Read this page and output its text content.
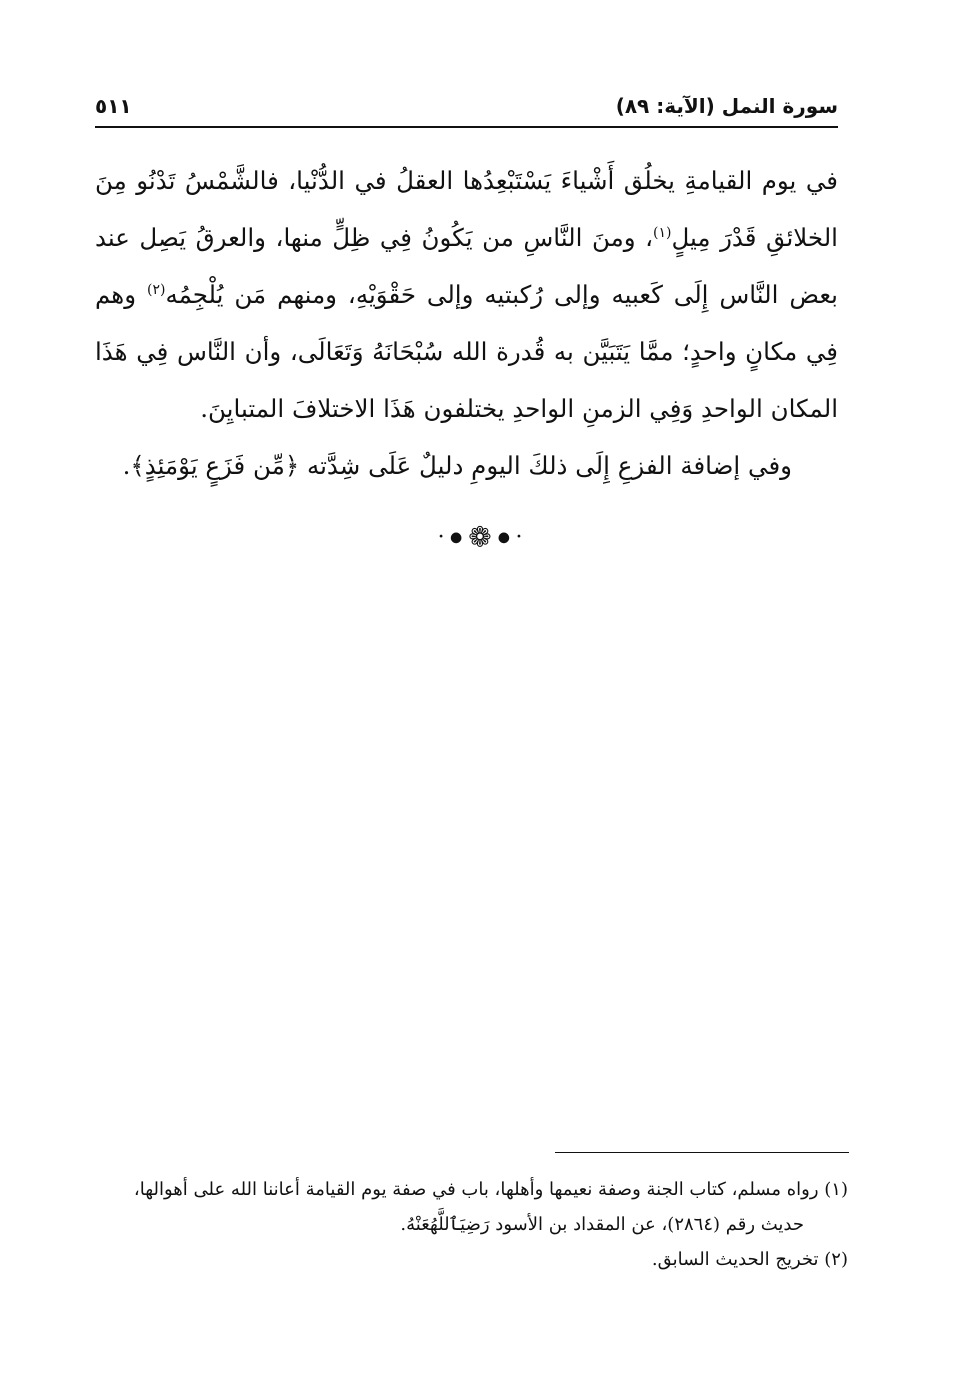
سورة النمل (الآية: ٨٩)
٥١١

في يوم القيامةِ يخلُق أَشْياءَ يَسْتَبْعِدُها العقلُ في الدُّنْيا، فالشَّمْسُ تَدْنُو مِنَ الخلائقِ قَدْرَ مِيلٍ$^{(١)}$، ومنَ النَّاسِ من يَكُونُ فِي ظِلٍّ منها، والعرقُ يَصِل عند بعض النَّاس إِلَى كَعبيه وإلى رُكبتيه وإلى حَقْوَيْهِ، ومنهم مَن يُلْجِمُه$^{(٢)}$ وهم فِي مكانٍ واحدٍ؛ ممَّا يَتَبَيَّن به قُدرة الله سُبْحَانَهُ وَتَعَالَى، وأن النَّاس فِي هَذَا المكان الواحدِ وَفِي الزمنِ الواحدِ يختلفون هَذَا الاختلافَ المتبايِنَ.

وفي إضافة الفزعِ إِلَى ذلكَ اليومِ دليلٌ عَلَى شِدَّته ﴿مِّن فَزَعٍ يَوْمَئِذٍ﴾.

•●❁●•

(١) رواه مسلم، كتاب الجنة وصفة نعيمها وأهلها، باب في صفة يوم القيامة أعاننا الله على أهوالها،

حديث رقم (٢٨٦٤)، عن المقداد بن الأسود رَضِيَٱللَّهُعَنْهُ.

(٢) تخريج الحديث السابق.
